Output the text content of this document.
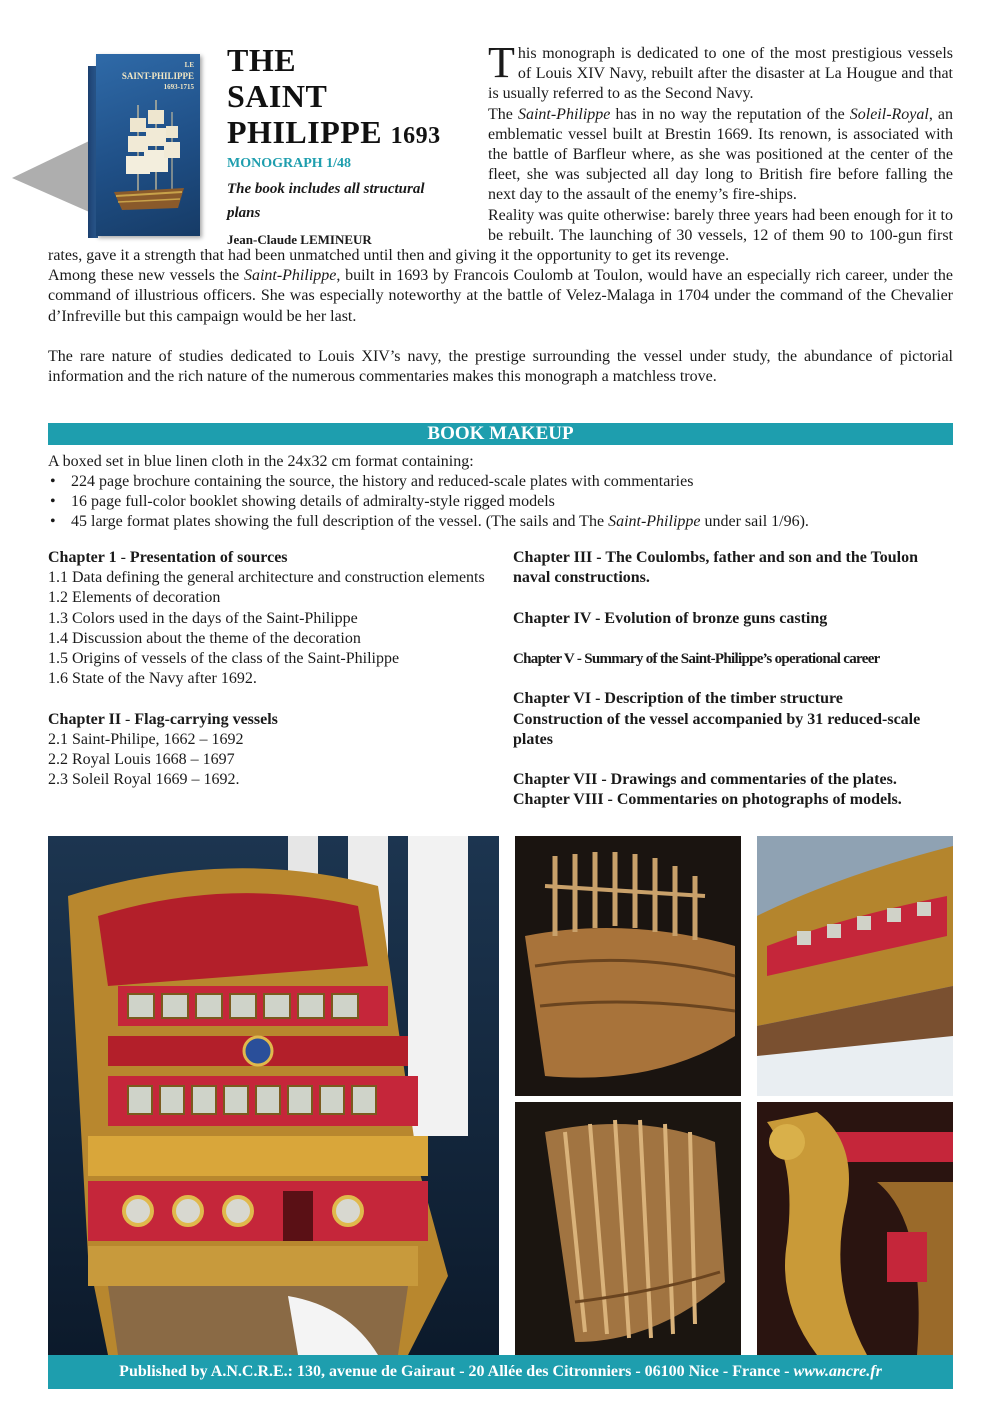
LE
SAINT-PHILIPPE
1693-1715
THE
SAINT
PHILIPPE 1693
MONOGRAPH 1/48
The book includes all structural plans
Jean-Claude LEMINEUR

This monograph is dedicated to one of the most prestigious vessels of Louis XIV Navy, rebuilt after the disaster at La Hougue and that is usually referred to as the Second Navy.

The Saint-Philippe has in no way the reputation of the Soleil-Royal, an emblematic vessel built at Brestin 1669. Its renown, is associated with the battle of Barfleur where, as she was positioned at the center of the fleet, she was subjected all day long to British fire before falling the next day to the assault of the enemy’s fire-ships.

Reality was quite otherwise: barely three years had been enough for it to be rebuilt. The launching of 30 vessels, 12 of them 90 to 100-gun first rates, gave it a strength that had been unmatched until then and giving it the opportunity to get its revenge.

Among these new vessels the Saint-Philippe, built in 1693 by Francois Coulomb at Toulon, would have an especially rich career, under the command of illustrious officers. She was especially noteworthy at the battle of Velez-Malaga in 1704 under the command of the Chevalier d’Infreville but this campaign would be her last.

The rare nature of studies dedicated to Louis XIV’s navy, the prestige surrounding the vessel under study, the abundance of pictorial information and the rich nature of the numerous commentaries makes this monograph a matchless trove.

BOOK MAKEUP
A boxed set in blue linen cloth in the 24x32 cm format containing:
• 224 page brochure containing the source, the history and reduced-scale plates with commentaries
• 16 page full-color booklet showing details of admiralty-style rigged models
• 45 large format plates showing the full description of the vessel. (The sails and The Saint-Philippe under sail 1/96).
Chapter 1 - Presentation of sources
1.1 Data defining the general architecture and construction elements
1.2 Elements of decoration
1.3 Colors used in the days of the Saint-Philippe
1.4 Discussion about the theme of the decoration
1.5 Origins of vessels of the class of the Saint-Philippe
1.6 State of the Navy after 1692.
Chapter II - Flag-carrying vessels
2.1 Saint-Philipe, 1662 – 1692
2.2 Royal Louis 1668 – 1697
2.3 Soleil Royal 1669 – 1692.
Chapter III - The Coulombs, father and son and the Toulon naval constructions.
Chapter IV - Evolution of bronze guns casting
Chapter V - Summary of the Saint-Philippe’s operational career
Chapter VI - Description of the timber structure
Construction of the vessel accompanied by 31 reduced-scale plates
Chapter VII - Drawings and commentaries of the plates.
Chapter VIII - Commentaries on photographs of models.
Published by A.N.C.R.E.: 130, avenue de Gairaut - 20 Allée des Citronniers - 06100 Nice - France - www.ancre.fr
